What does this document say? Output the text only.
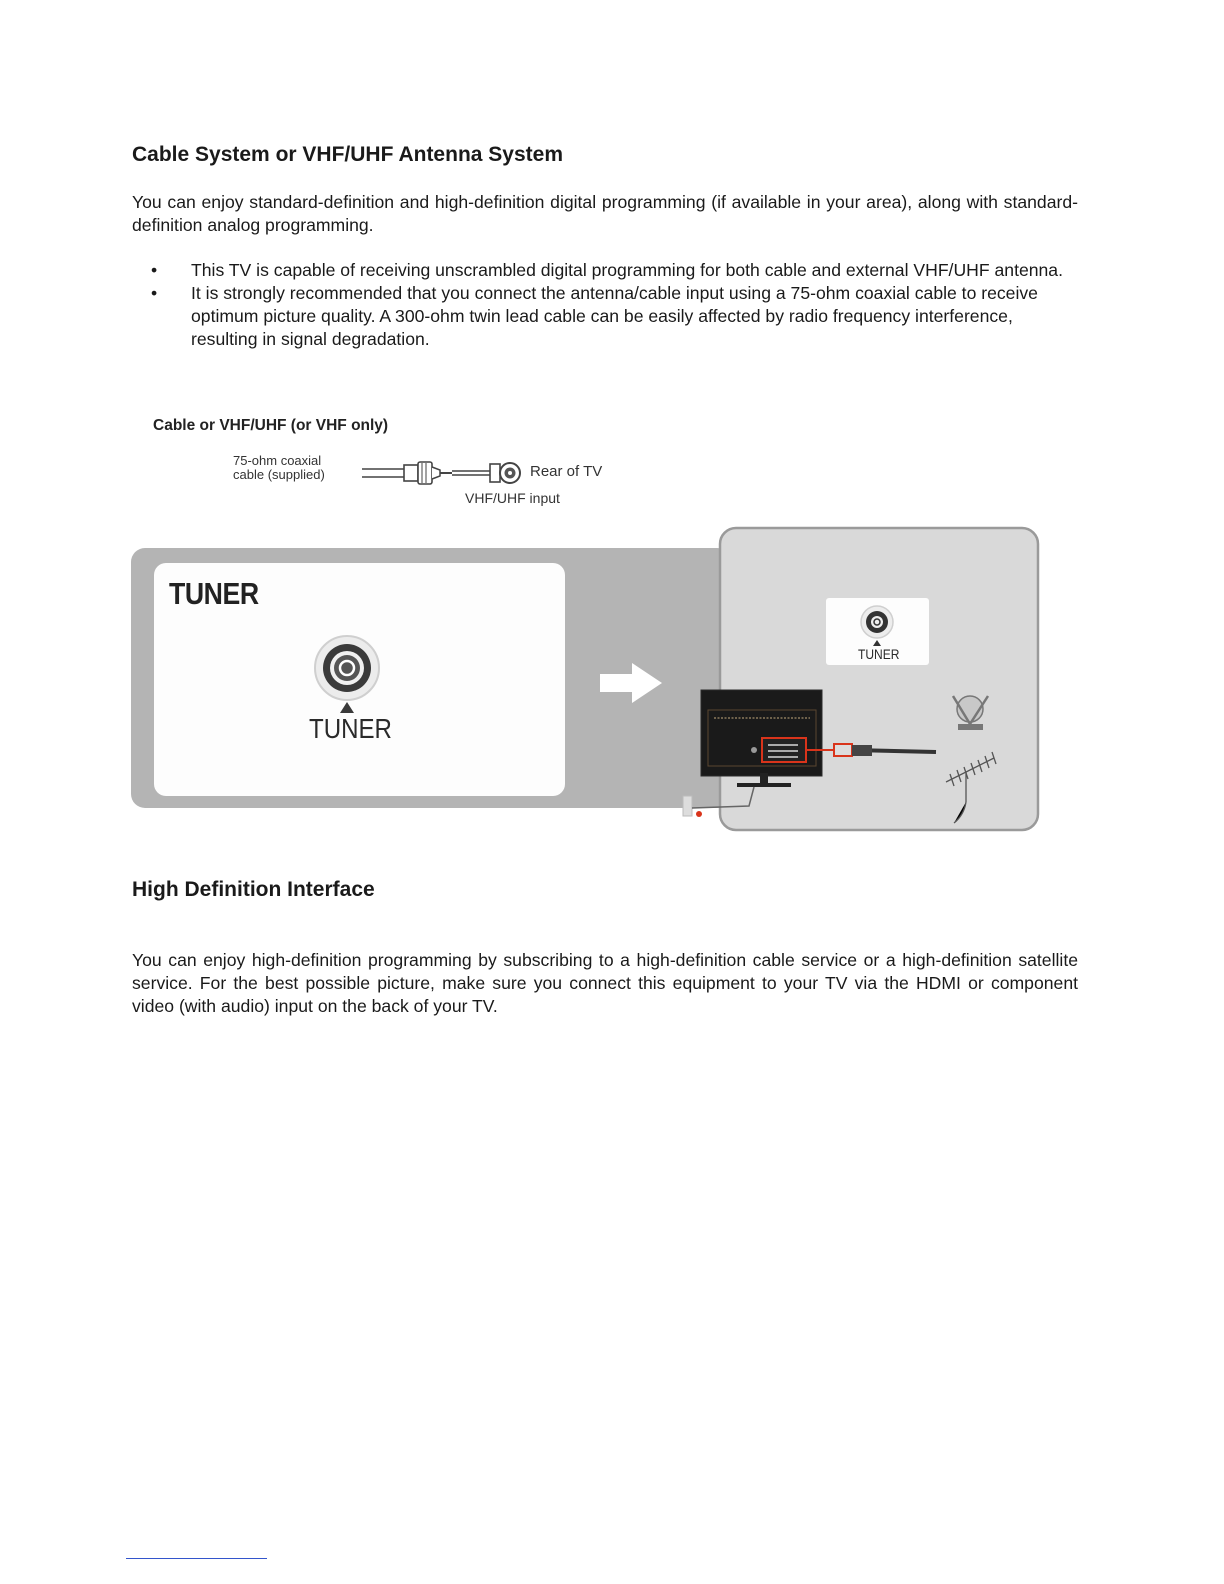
Cable System or VHF/UHF Antenna System

You can enjoy standard-definition and high-definition digital programming (if available in your area), along with standard-definition analog programming.

• This TV is capable of receiving unscrambled digital programming for both cable and external VHF/UHF antenna.
• It is strongly recommended that you connect the antenna/cable input using a 75-ohm coaxial cable to receive optimum picture quality. A 300-ohm twin lead cable can be easily affected by radio frequency interference, resulting in signal degradation.
Cable or VHF/UHF (or VHF only)
75-ohm coaxial
cable (supplied)	Rear of TV
VHF/UHF input
TUNER
TUNER
TUNER
High Definition Interface

You can enjoy high-definition programming by subscribing to a high-definition cable service or a high-definition satellite service. For the best possible picture, make sure you connect this equipment to your TV via the HDMI or component video (with audio) input on the back of your TV.
